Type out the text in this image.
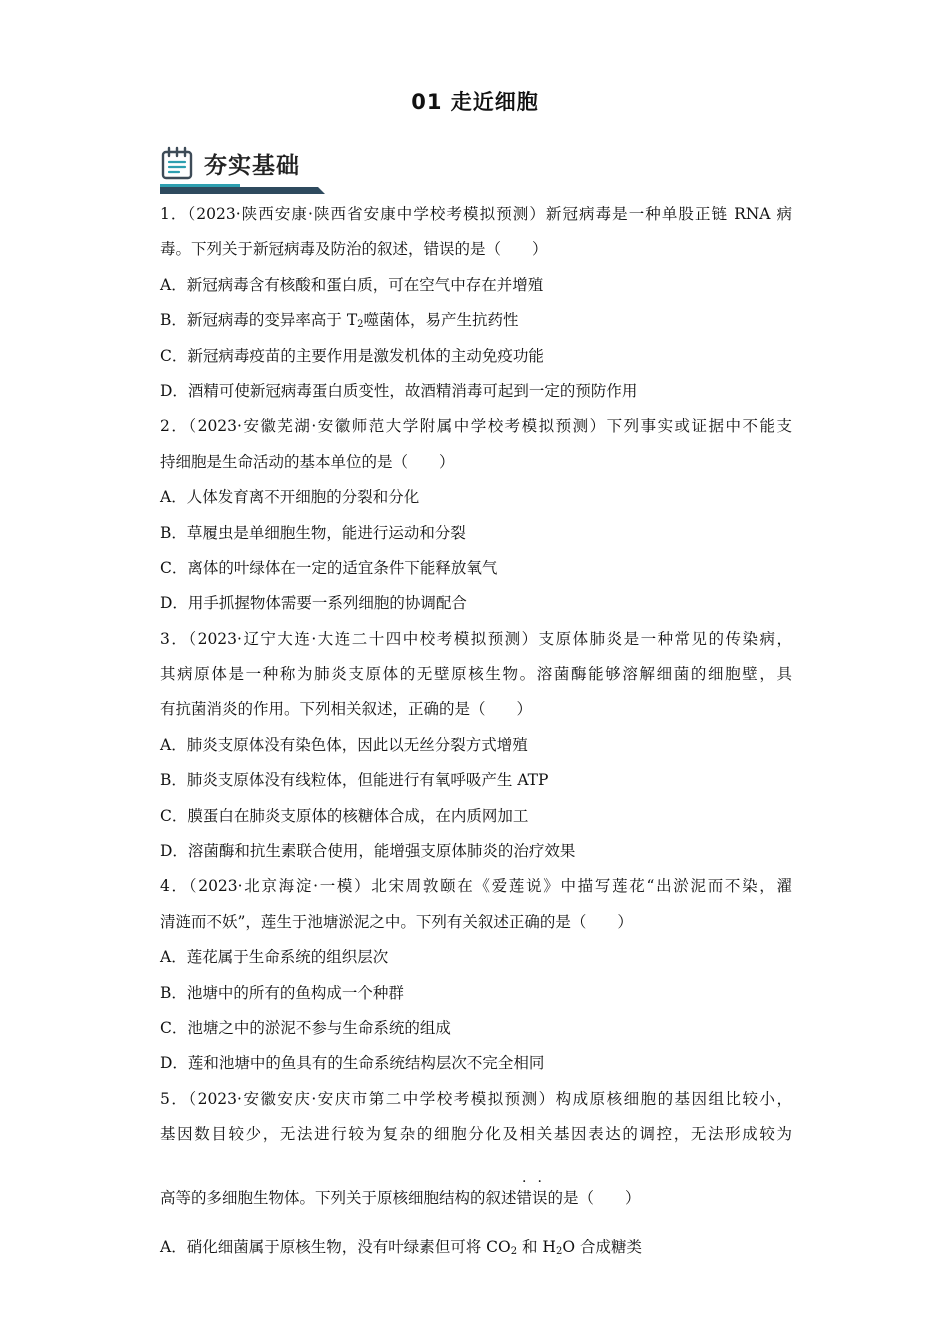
01 走近细胞
夯实基础
1．（2023·陕西安康·陕西省安康中学校考模拟预测）新冠病毒是一种单股正链 RNA 病
毒。下列关于新冠病毒及防治的叙述，错误的是（　　）
A．新冠病毒含有核酸和蛋白质，可在空气中存在并增殖
B．新冠病毒的变异率高于 $T_2$噬菌体，易产生抗药性
C．新冠病毒疫苗的主要作用是激发机体的主动免疫功能
D．酒精可使新冠病毒蛋白质变性，故酒精消毒可起到一定的预防作用
2．（2023·安徽芜湖·安徽师范大学附属中学校考模拟预测）下列事实或证据中不能支
持细胞是生命活动的基本单位的是（　　）
A．人体发育离不开细胞的分裂和分化
B．草履虫是单细胞生物，能进行运动和分裂
C．离体的叶绿体在一定的适宜条件下能释放氧气
D．用手抓握物体需要一系列细胞的协调配合
3．（2023·辽宁大连·大连二十四中校考模拟预测）支原体肺炎是一种常见的传染病，
其病原体是一种称为肺炎支原体的无壁原核生物。溶菌酶能够溶解细菌的细胞壁，具
有抗菌消炎的作用。下列相关叙述，正确的是（　　）
A．肺炎支原体没有染色体，因此以无丝分裂方式增殖
B．肺炎支原体没有线粒体，但能进行有氧呼吸产生 ATP
C．膜蛋白在肺炎支原体的核糖体合成，在内质网加工
D．溶菌酶和抗生素联合使用，能增强支原体肺炎的治疗效果
4．（2023·北京海淀·一模）北宋周敦颐在《爱莲说》中描写莲花“出淤泥而不染，濯
清涟而不妖”，莲生于池塘淤泥之中。下列有关叙述正确的是（　　）
A．莲花属于生命系统的组织层次
B．池塘中的所有的鱼构成一个种群
C．池塘之中的淤泥不参与生命系统的组成
D．莲和池塘中的鱼具有的生命系统结构层次不完全相同
5．（2023·安徽安庆·安庆市第二中学校考模拟预测）构成原核细胞的基因组比较小，
基因数目较少，无法进行较为复杂的细胞分化及相关基因表达的调控，无法形成较为
高等的多细胞生物体。下列关于原核细胞结构的叙述错误的是（　　）
A．硝化细菌属于原核生物，没有叶绿素但可将 $CO_2$ 和 $H_2O$ 合成糖类
